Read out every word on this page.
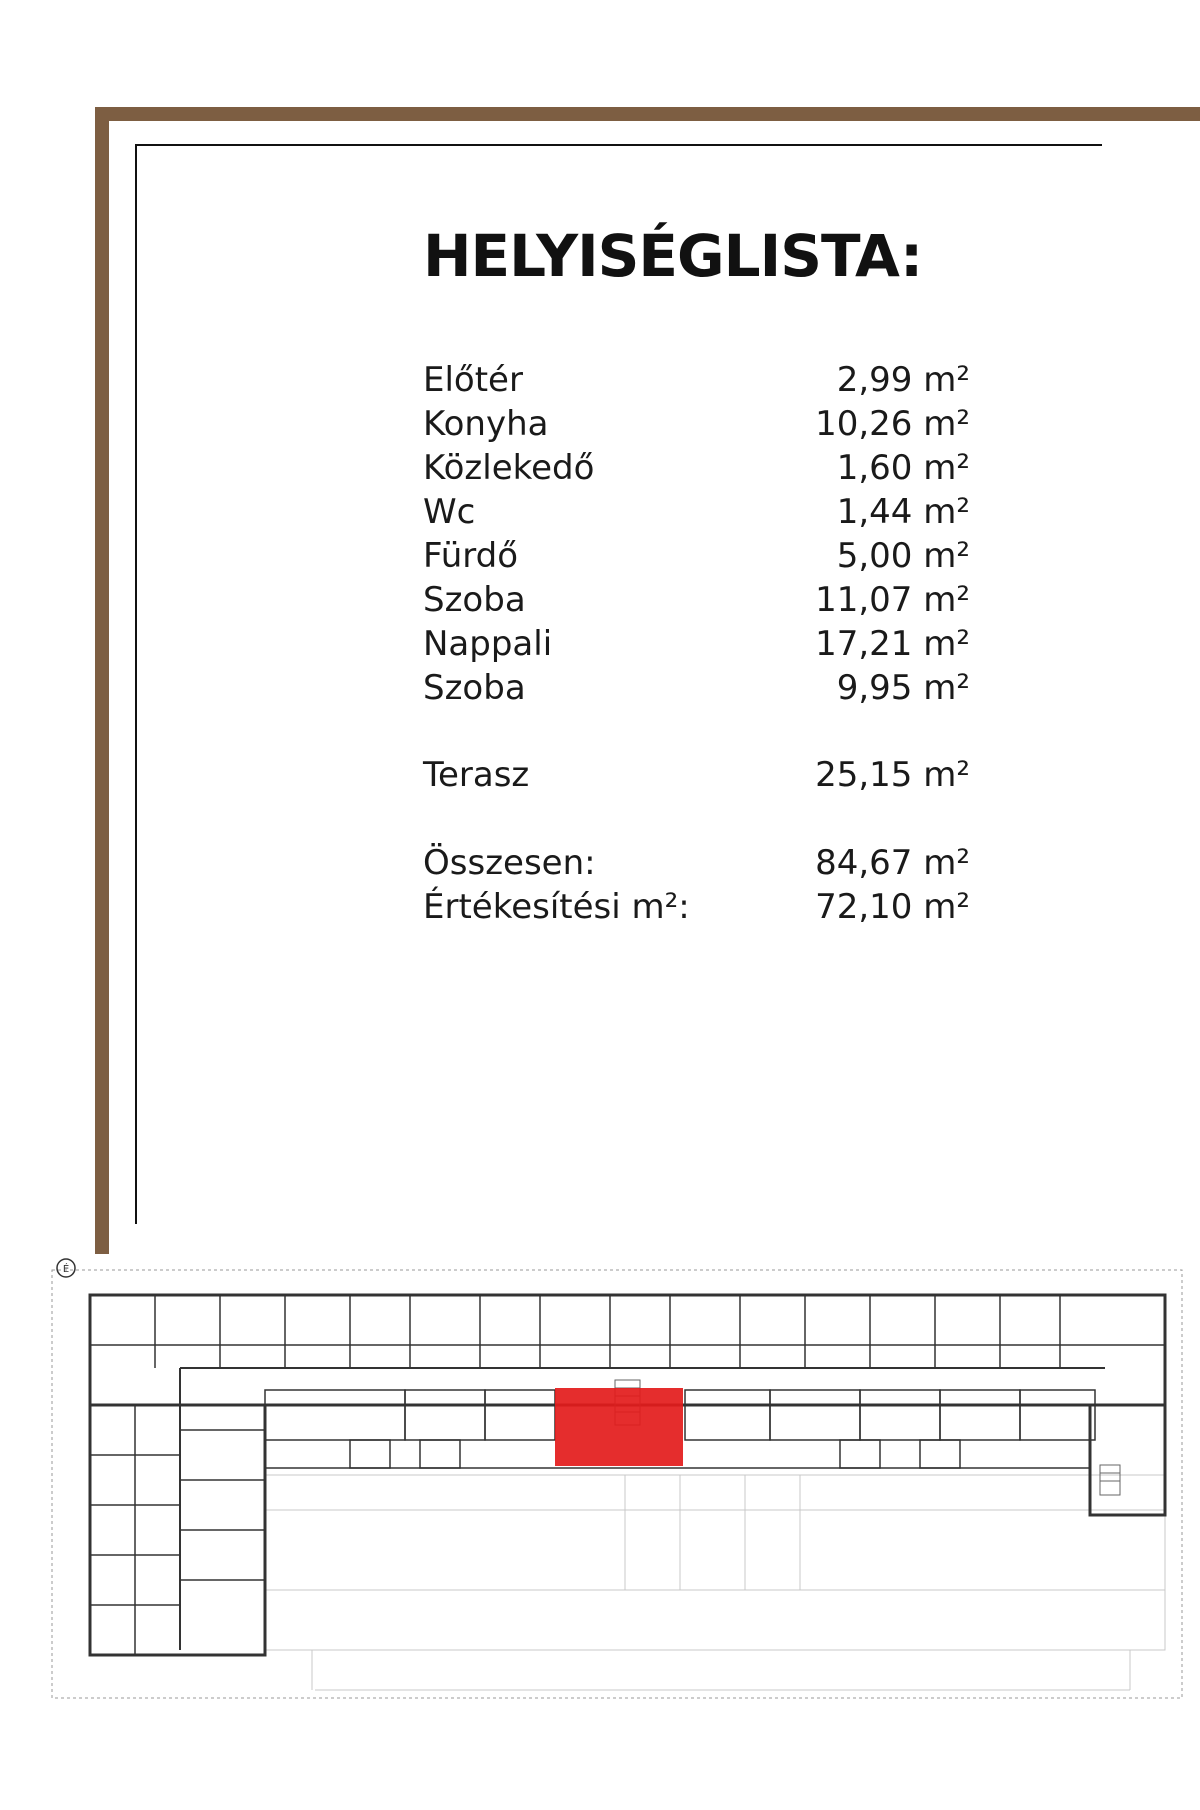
HELYISÉGLISTA:
Előtér	2,99 m²
Konyha	10,26 m²
Közlekedő	1,60 m²
Wc	1,44 m²
Fürdő	5,00 m²
Szoba	11,07 m²
Nappali	17,21 m²
Szoba	9,95 m²
Terasz	25,15 m²
Összesen:	84,67 m²
Értékesítési m²:	72,10 m²
É
